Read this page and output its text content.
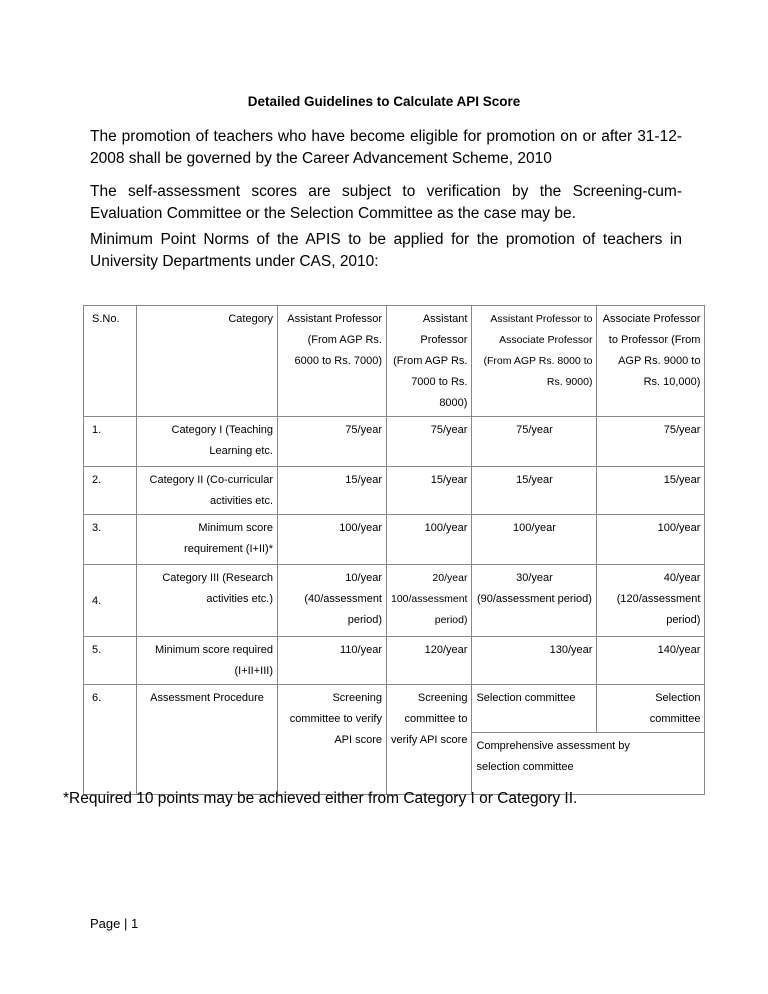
Detailed Guidelines to Calculate API Score
The promotion of teachers who have become eligible for promotion on or after 31-12-2008 shall be governed by the Career Advancement Scheme, 2010
The self-assessment scores are subject to verification by the Screening-cum-Evaluation Committee or the Selection Committee as the case may be.
Minimum Point Norms of the APIS to be applied for the promotion of teachers in University Departments under CAS, 2010:
S.No.	Category	Assistant Professor (From AGP Rs. 6000 to Rs. 7000)	Assistant Professor (From AGP Rs. 7000 to Rs. 8000)	Assistant Professor to Associate Professor (From AGP Rs. 8000 to Rs. 9000)	Associate Professor to Professor (From AGP Rs. 9000 to Rs. 10,000)
1.	Category I (Teaching Learning etc.	75/year	75/year	75/year	75/year
2.	Category II (Co-curricular activities etc.	15/year	15/year	15/year	15/year
3.	Minimum score requirement (I+II)*	100/year	100/year	100/year	100/year
4.	Category III (Research activities etc.)	10/year (40/assessment period)	20/year 100/assessment period)	30/year (90/assessment period)	40/year (120/assessment period)
5.	Minimum score required (I+II+III)	110/year	120/year	130/year	140/year
6.	Assessment Procedure	Screening committee to verify API score	Screening committee to verify API score	Selection committee	Selection committee
				Comprehensive assessment by selection committee	
*Required 10 points may be achieved either from Category I or Category II.
Page | 1
